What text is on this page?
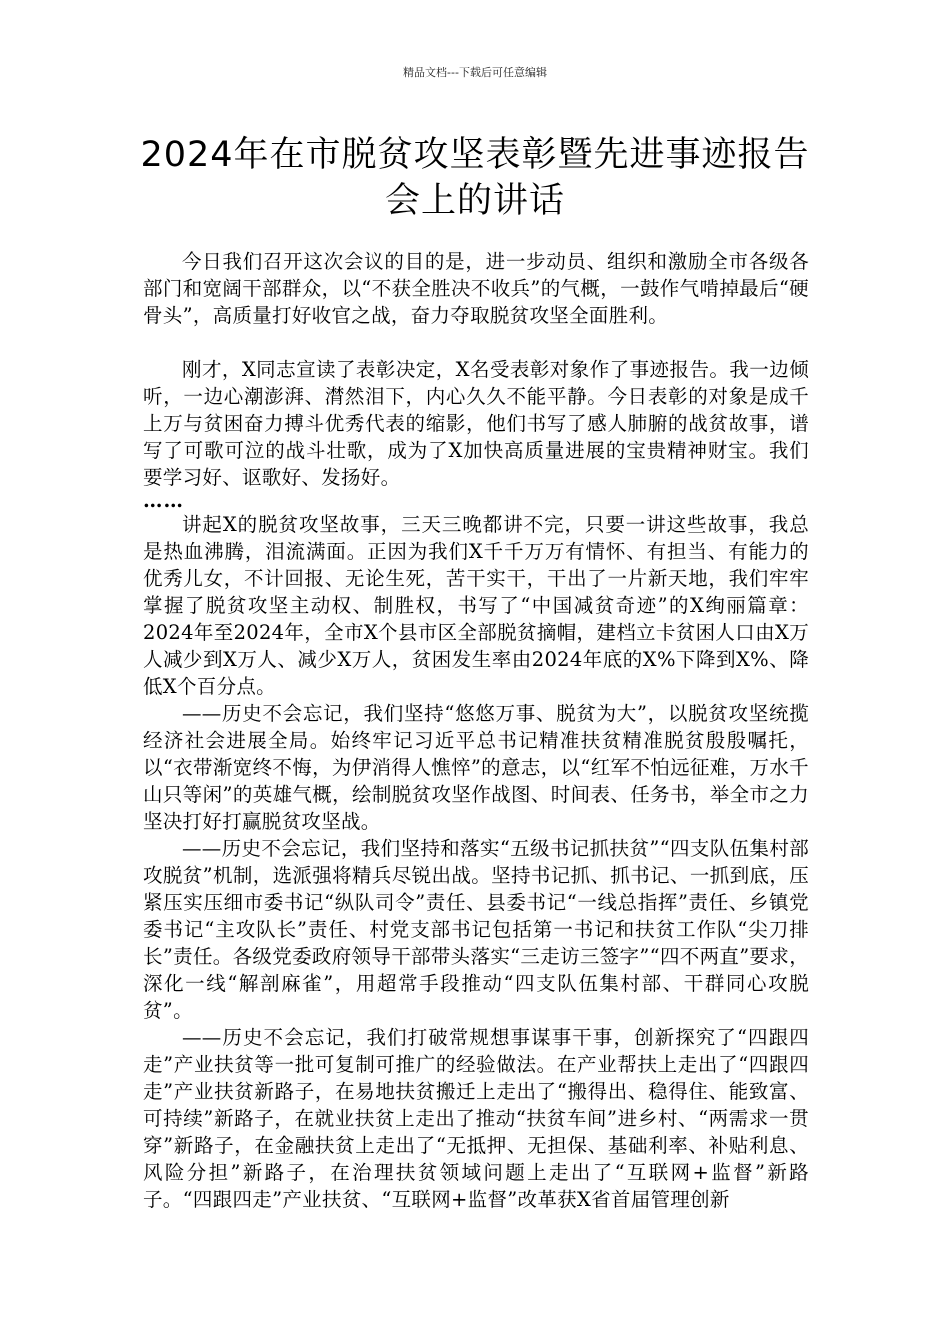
精品文档---下载后可任意编辑
2024年在市脱贫攻坚表彰暨先进事迹报告会上的讲话

今日我们召开这次会议的目的是，进一步动员、组织和激励全市各级各部门和宽阔干部群众，以“不获全胜决不收兵”的气概，一鼓作气啃掉最后“硬骨头”，高质量打好收官之战，奋力夺取脱贫攻坚全面胜利。

刚才，X同志宣读了表彰决定，X名受表彰对象作了事迹报告。我一边倾听，一边心潮澎湃、潸然泪下，内心久久不能平静。今日表彰的对象是成千上万与贫困奋力搏斗优秀代表的缩影，他们书写了感人肺腑的战贫故事，谱写了可歌可泣的战斗壮歌，成为了X加快高质量进展的宝贵精神财宝。我们要学习好、讴歌好、发扬好。

……

讲起X的脱贫攻坚故事，三天三晚都讲不完，只要一讲这些故事，我总是热血沸腾，泪流满面。正因为我们X千千万万有情怀、有担当、有能力的优秀儿女，不计回报、无论生死，苦干实干，干出了一片新天地，我们牢牢掌握了脱贫攻坚主动权、制胜权，书写了“中国减贫奇迹”的X绚丽篇章：2024年至2024年，全市X个县市区全部脱贫摘帽，建档立卡贫困人口由X万人减少到X万人、减少X万人，贫困发生率由2024年底的X%下降到X%、降低X个百分点。

——历史不会忘记，我们坚持“悠悠万事、脱贫为大”，以脱贫攻坚统揽经济社会进展全局。始终牢记习近平总书记精准扶贫精准脱贫殷殷嘱托，以“衣带渐宽终不悔，为伊消得人憔悴”的意志，以“红军不怕远征难，万水千山只等闲”的英雄气概，绘制脱贫攻坚作战图、时间表、任务书，举全市之力坚决打好打赢脱贫攻坚战。

——历史不会忘记，我们坚持和落实“五级书记抓扶贫”“四支队伍集村部攻脱贫”机制，选派强将精兵尽锐出战。坚持书记抓、抓书记、一抓到底，压紧压实压细市委书记“纵队司令”责任、县委书记“一线总指挥”责任、乡镇党委书记“主攻队长”责任、村党支部书记包括第一书记和扶贫工作队“尖刀排长”责任。各级党委政府领导干部带头落实“三走访三签字”“四不两直”要求，深化一线“解剖麻雀”，用超常手段推动“四支队伍集村部、干群同心攻脱贫”。

——历史不会忘记，我们打破常规想事谋事干事，创新探究了“四跟四走”产业扶贫等一批可复制可推广的经验做法。在产业帮扶上走出了“四跟四走”产业扶贫新路子，在易地扶贫搬迁上走出了“搬得出、稳得住、能致富、可持续”新路子，在就业扶贫上走出了推动“扶贫车间”进乡村、“两需求一贯穿”新路子，在金融扶贫上走出了“无抵押、无担保、基础利率、补贴利息、风险分担”新路子，在治理扶贫领域问题上走出了“互联网+监督”新路子。“四跟四走”产业扶贫、“互联网+监督”改革获X省首届管理创新
